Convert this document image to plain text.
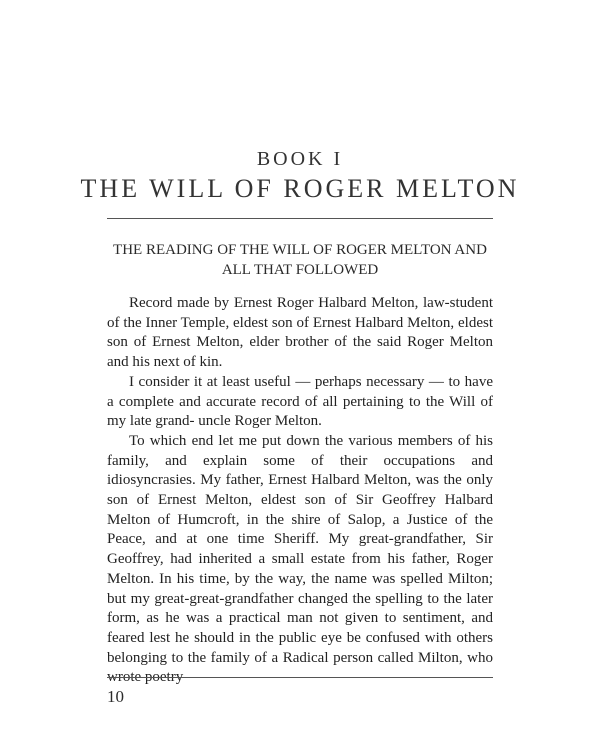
BOOK I
THE WILL OF ROGER MELTON
THE READING OF THE WILL OF ROGER MELTON AND ALL THAT FOLLOWED

Record made by Ernest Roger Halbard Melton, law-student of the Inner Temple, eldest son of Ernest Halbard Melton, eldest son of Ernest Melton, elder brother of the said Roger Melton and his next of kin.

I consider it at least useful — perhaps necessary — to have a complete and accurate record of all pertaining to the Will of my late grand- uncle Roger Melton.

To which end let me put down the various members of his family, and explain some of their occupations and idiosyncrasies. My father, Ernest Halbard Melton, was the only son of Ernest Melton, eldest son of Sir Geoffrey Halbard Melton of Humcroft, in the shire of Salop, a Justice of the Peace, and at one time Sheriff. My great-grandfather, Sir Geoffrey, had inherited a small estate from his father, Roger Melton. In his time, by the way, the name was spelled Milton; but my great-great-grandfather changed the spelling to the later form, as he was a practical man not given to sentiment, and feared lest he should in the public eye be confused with others belonging to the family of a Radical person called Milton, who wrote poetry

10
